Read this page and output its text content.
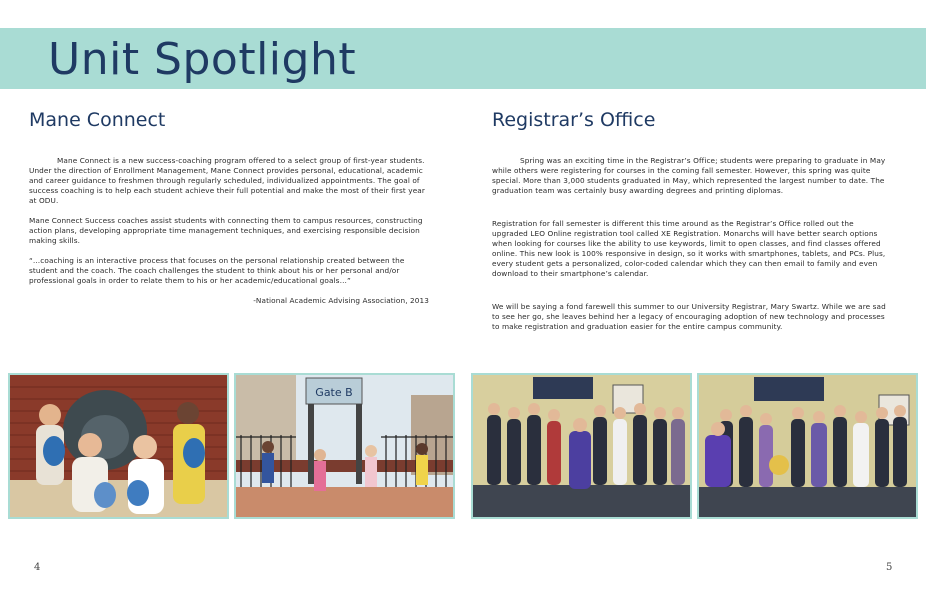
Unit Spotlight
Mane Connect

Mane Connect is a new success-coaching program offered to a select group of first-year students. Under the direction of Enrollment Management, Mane Connect provides personal, educational, academic and career guidance to freshmen through regularly scheduled, individualized appointments. The goal of success coaching is to help each student achieve their full potential and make the most of their first year at ODU.

Mane Connect Success coaches assist students with connecting them to campus resources, constructing action plans, developing appropriate time management techniques, and exercising responsible decision making skills.

“…coaching is an interactive process that focuses on the personal relationship created between the student and the coach. The coach challenges the student to think about his or her personal and/or professional goals in order to relate them to his or her academic/educational goals…”

-National Academic Advising Association, 2013

Registrar’s Office

Spring was an exciting time in the Registrar’s Office; students were preparing to graduate in May while others were registering for courses in the coming fall semester. However, this spring was quite special. More than 3,000 students graduated in May, which represented the largest number to date. The graduation team was certainly busy awarding degrees and printing diplomas.

Registration for fall semester is different this time around as the Registrar’s Office rolled out the upgraded LEO Online registration tool called XE Registration. Monarchs will have better search options when looking for courses like the ability to use keywords, limit to open classes, and find classes offered online. This new look is 100% responsive in design, so it works with smartphones, tablets, and PCs. Plus, every student gets a personalized, color-coded calendar which they can then email to family and even download to their smartphone’s calendar.

We will be saying a fond farewell this summer to our University Registrar, Mary Swartz. While we are sad to see her go, she leaves behind her a legacy of encouraging adoption of new technology and processes to make registration and graduation easier for the entire campus community.

Gate B
4	5
